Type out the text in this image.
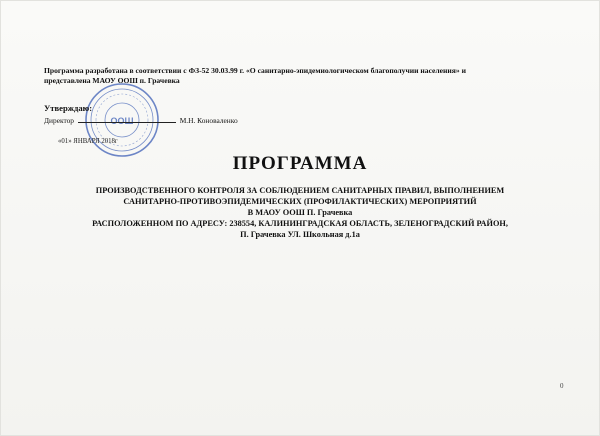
Программа разработана в соответствии с ФЗ-52 30.03.99 г. «О санитарно-эпидемиологическом благополучии населения» и
представлена МАОУ ООШ п. Грачевка
ООШ
Утверждаю:
Директор	М.Н. Коноваленко
«01» ЯНВАРЯ 2018г
ПРОГРАММА
ПРОИЗВОДСТВЕННОГО КОНТРОЛЯ ЗА СОБЛЮДЕНИЕМ САНИТАРНЫХ ПРАВИЛ, ВЫПОЛНЕНИЕМ
САНИТАРНО-ПРОТИВОЭПИДЕМИЧЕСКИХ (ПРОФИЛАКТИЧЕСКИХ) МЕРОПРИЯТИЙ
В МАОУ ООШ П. Грачевка
РАСПОЛОЖЕННОМ ПО АДРЕСУ: 238554, КАЛИНИНГРАДСКАЯ ОБЛАСТЬ, ЗЕЛЕНОГРАДСКИЙ РАЙОН,
П. Грачевка УЛ. Школьная д.1а
0
